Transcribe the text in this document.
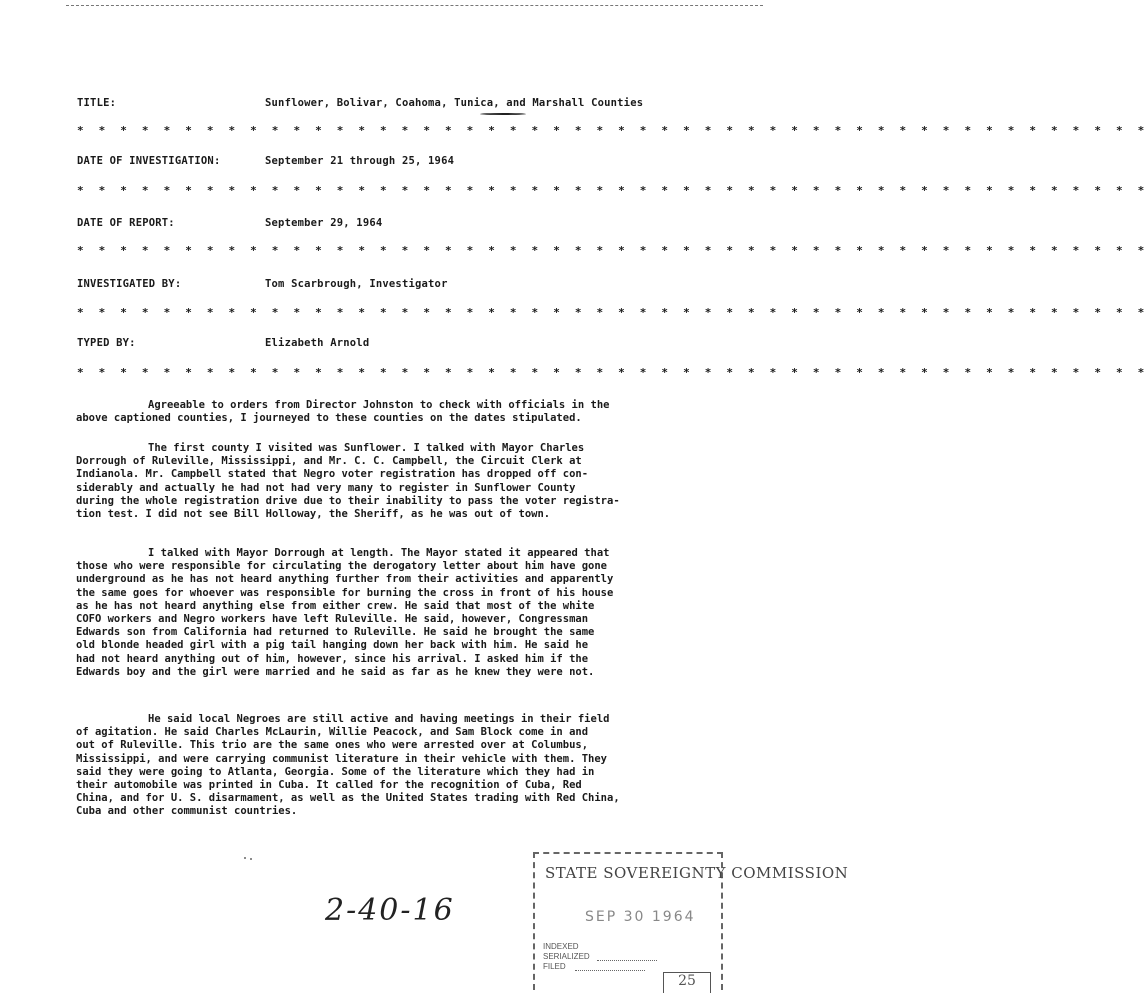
TITLE:	Sunflower, Bolivar, Coahoma, Tunica, and Marshall Counties
* * * * * * * * * * * * * * * * * * * * * * * * * * * * * * * * * * * * * * * * * * * * * * * * * *
DATE OF INVESTIGATION:	September 21 through 25, 1964
* * * * * * * * * * * * * * * * * * * * * * * * * * * * * * * * * * * * * * * * * * * * * * * * * *
DATE OF REPORT:	September 29, 1964
* * * * * * * * * * * * * * * * * * * * * * * * * * * * * * * * * * * * * * * * * * * * * * * * * *
INVESTIGATED BY:	Tom Scarbrough, Investigator
* * * * * * * * * * * * * * * * * * * * * * * * * * * * * * * * * * * * * * * * * * * * * * * * * *
TYPED BY:	Elizabeth Arnold
* * * * * * * * * * * * * * * * * * * * * * * * * * * * * * * * * * * * * * * * * * * * * * * * * *
Agreeable to orders from Director Johnston to check with officials in the
above captioned counties, I journeyed to these counties on the dates stipulated.
The first county I visited was Sunflower. I talked with Mayor Charles
Dorrough of Ruleville, Mississippi, and Mr. C. C. Campbell, the Circuit Clerk at
Indianola. Mr. Campbell stated that Negro voter registration has dropped off con-
siderably and actually he had not had very many to register in Sunflower County
during the whole registration drive due to their inability to pass the voter registra-
tion test. I did not see Bill Holloway, the Sheriff, as he was out of town.
I talked with Mayor Dorrough at length. The Mayor stated it appeared that
those who were responsible for circulating the derogatory letter about him have gone
underground as he has not heard anything further from their activities and apparently
the same goes for whoever was responsible for burning the cross in front of his house
as he has not heard anything else from either crew. He said that most of the white
COFO workers and Negro workers have left Ruleville. He said, however, Congressman
Edwards son from California had returned to Ruleville. He said he brought the same
old blonde headed girl with a pig tail hanging down her back with him. He said he
had not heard anything out of him, however, since his arrival. I asked him if the
Edwards boy and the girl were married and he said as far as he knew they were not.
He said local Negroes are still active and having meetings in their field
of agitation. He said Charles McLaurin, Willie Peacock, and Sam Block come in and
out of Ruleville. This trio are the same ones who were arrested over at Columbus,
Mississippi, and were carrying communist literature in their vehicle with them. They
said they were going to Atlanta, Georgia. Some of the literature which they had in
their automobile was printed in Cuba. It called for the recognition of Cuba, Red
China, and for U. S. disarmament, as well as the United States trading with Red China,
Cuba and other communist countries.
2-40-16
STATE SOVEREIGNTY COMMISSION
SEP 30 1964
INDEXED
SERIALIZED
FILED
25
